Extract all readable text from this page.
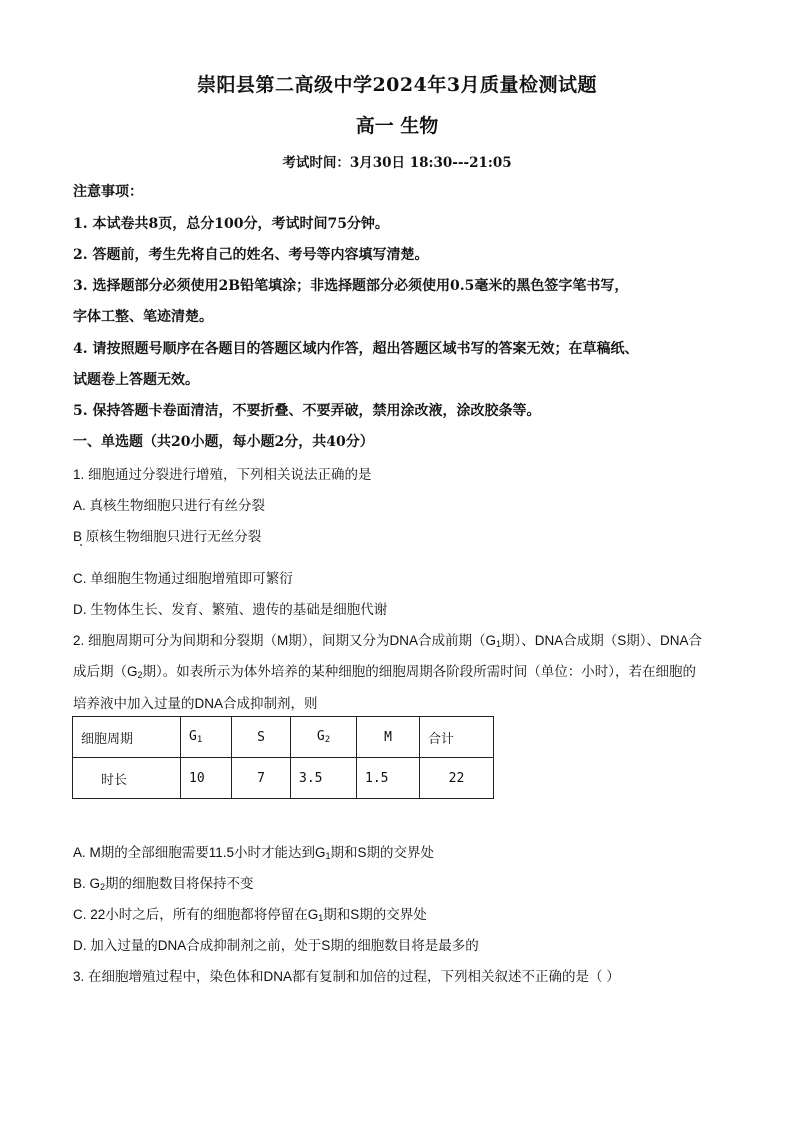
崇阳县第二高级中学2024年3月质量检测试题
高一 生物
考试时间：3月30日 18:30---21:05
注意事项：
1. 本试卷共8页，总分100分，考试时间75分钟。
2. 答题前，考生先将自己的姓名、考号等内容填写清楚。
3. 选择题部分必须使用2B铅笔填涂；非选择题部分必须使用0.5毫米的黑色签字笔书写，
字体工整、笔迹清楚。
4. 请按照题号顺序在各题目的答题区域内作答，超出答题区域书写的答案无效；在草稿纸、
试题卷上答题无效。
5. 保持答题卡卷面清洁，不要折叠、不要弄破，禁用涂改液，涂改胶条等。
一、单选题（共20小题，每小题2分，共40分）
1. 细胞通过分裂进行增殖，下列相关说法正确的是
A. 真核生物细胞只进行有丝分裂
B 原核生物细胞只进行无丝分裂
C. 单细胞生物通过细胞增殖即可繁衍
D. 生物体生长、发育、繁殖、遗传的基础是细胞代谢
2. 细胞周期可分为间期和分裂期（M期），间期又分为DNA合成前期（$G_1$期）、DNA合成期（S期）、DNA合
成后期（$G_2$期）。如表所示为体外培养的某种细胞的细胞周期各阶段所需时间（单位：小时），若在细胞的
培养液中加入过量的DNA合成抑制剂，则
细胞周期	$G_1$	S	$G_2$	M	合计

时长	10	7	3.5	1.5	22
A. M期的全部细胞需要11.5小时才能达到$G_1$期和S期的交界处
B. $G_2$期的细胞数目将保持不变
C. 22小时之后，所有的细胞都将停留在$G_1$期和S期的交界处
D. 加入过量的DNA合成抑制剂之前，处于S期的细胞数目将是最多的
3. 在细胞增殖过程中，染色体和DNA都有复制和加倍的过程，下列相关叙述不正确的是（ ）
